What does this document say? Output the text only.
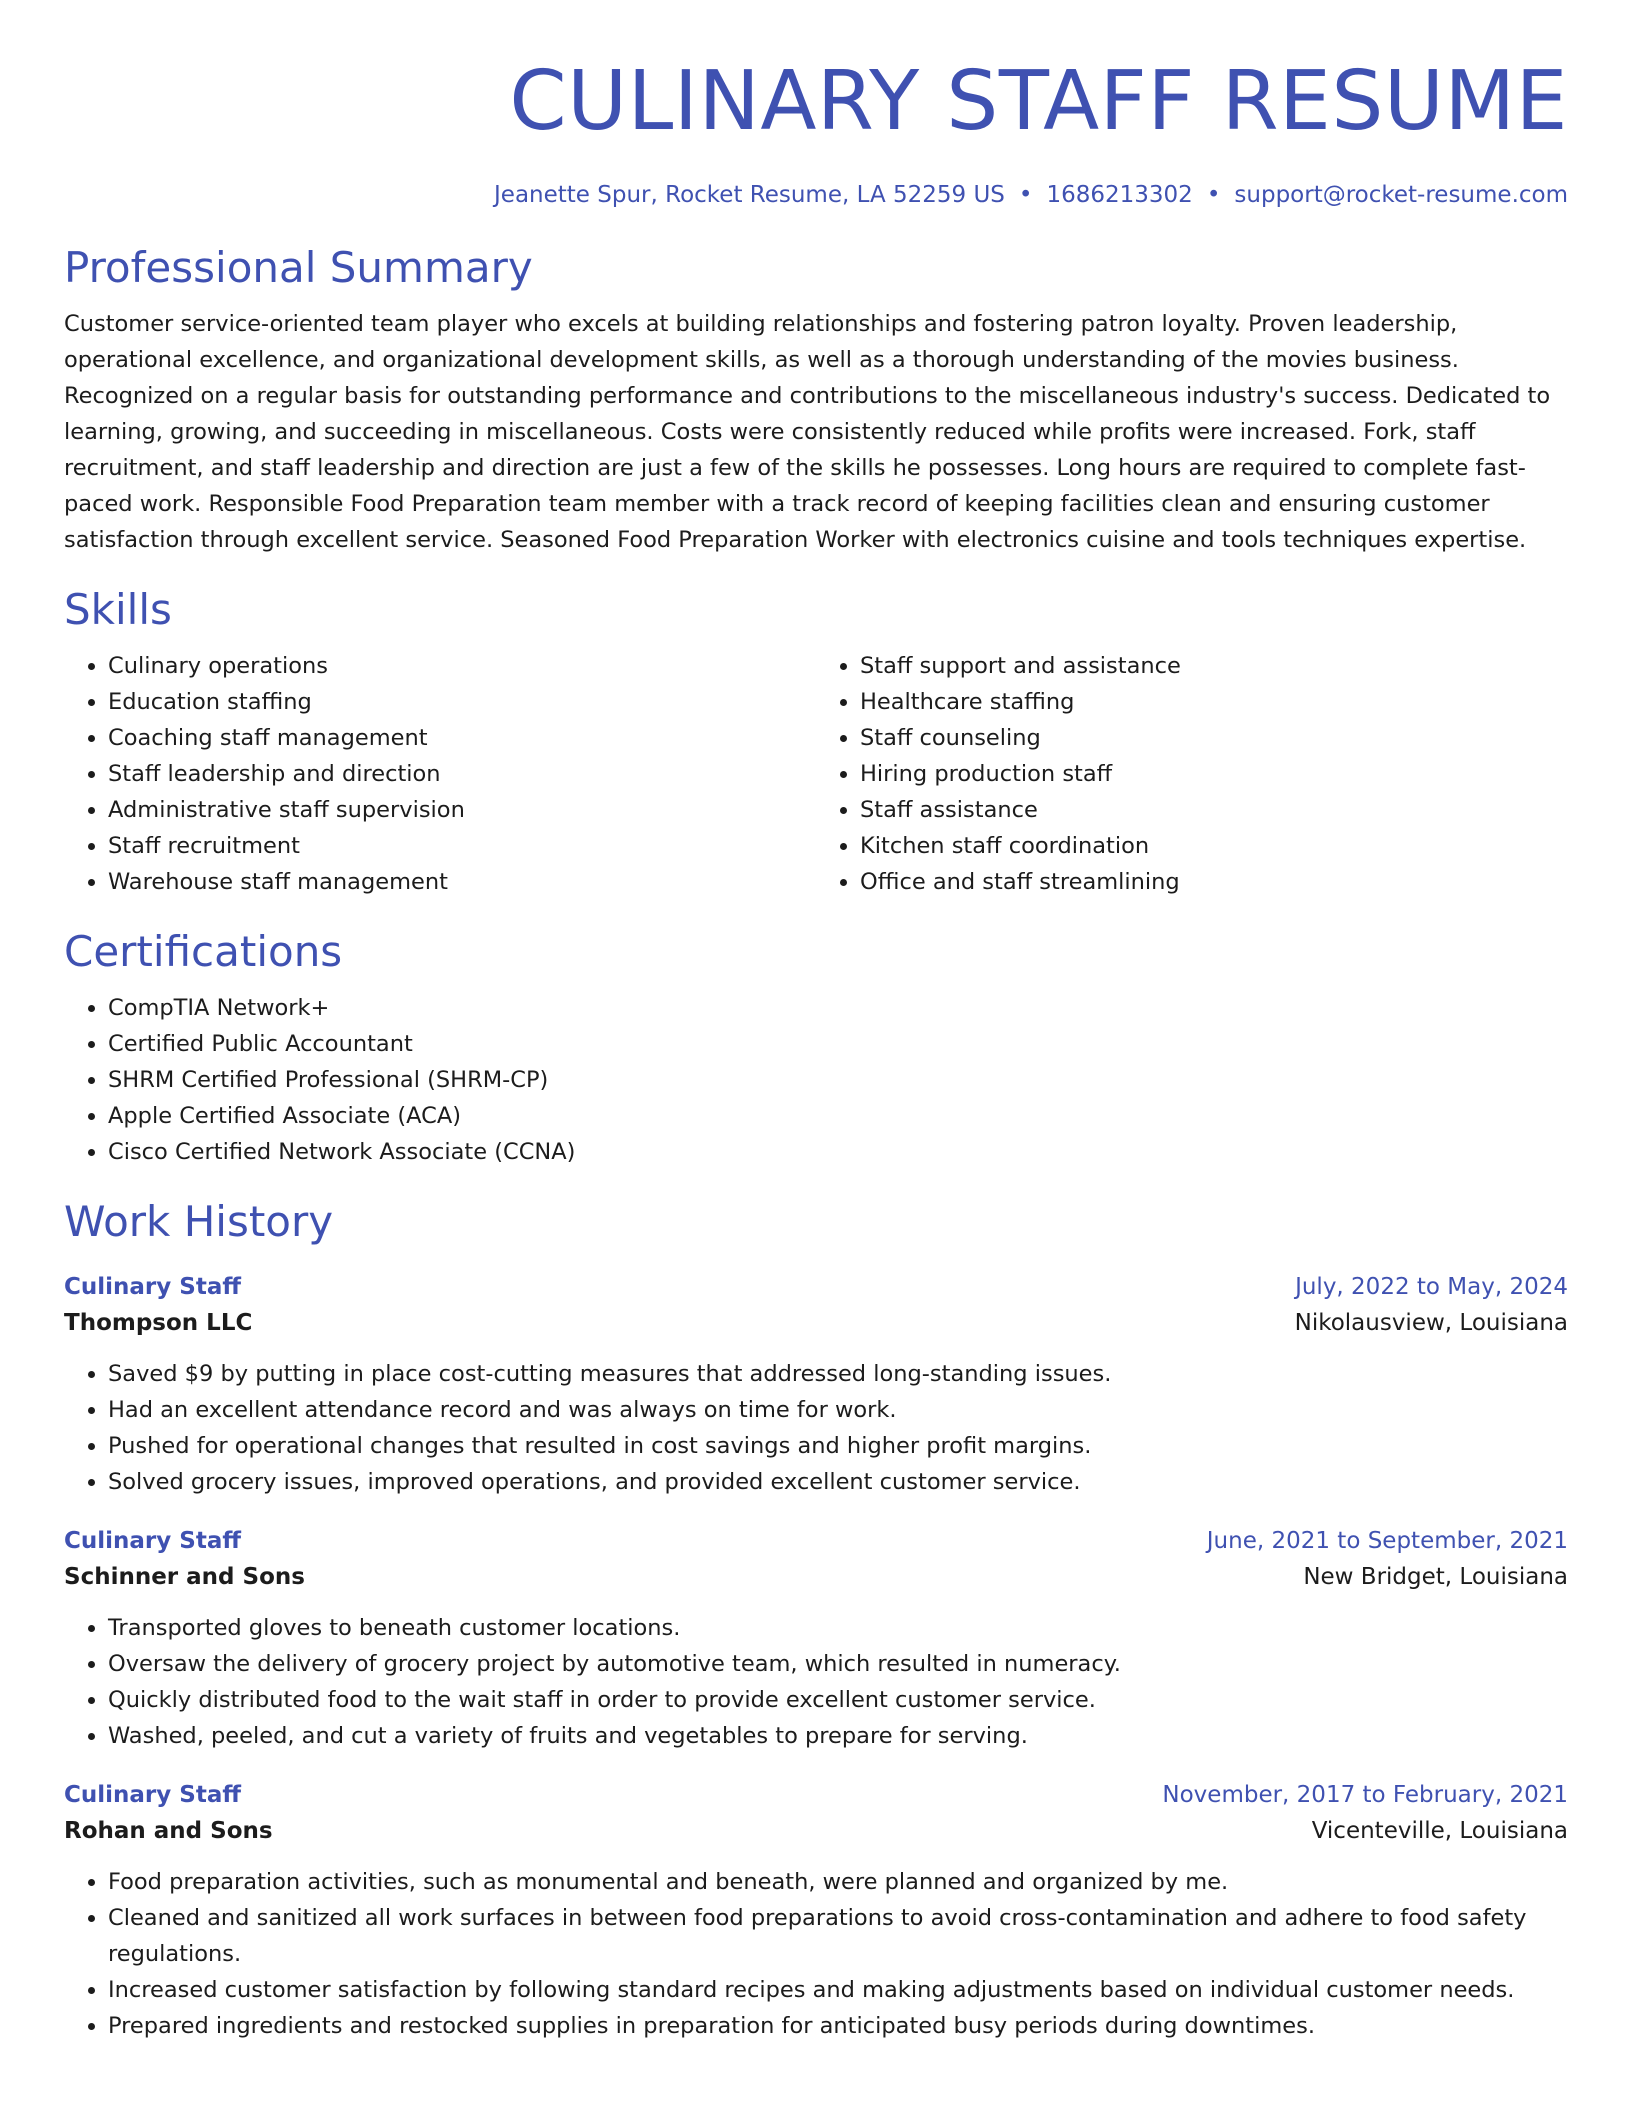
CULINARY STAFF RESUME
Jeanette Spur, Rocket Resume, LA 52259 US • 1686213302 • support@rocket-resume.com
Professional Summary

Customer service-oriented team player who excels at building relationships and fostering patron loyalty. Proven leadership, operational excellence, and organizational development skills, as well as a thorough understanding of the movies business. Recognized on a regular basis for outstanding performance and contributions to the miscellaneous industry's success. Dedicated to learning, growing, and succeeding in miscellaneous. Costs were consistently reduced while profits were increased. Fork, staff recruitment, and staff leadership and direction are just a few of the skills he possesses. Long hours are required to complete fast-paced work. Responsible Food Preparation team member with a track record of keeping facilities clean and ensuring customer satisfaction through excellent service. Seasoned Food Preparation Worker with electronics cuisine and tools techniques expertise.

Skills
• Culinary operations
• Education staffing
• Coaching staff management
• Staff leadership and direction
• Administrative staff supervision
• Staff recruitment
• Warehouse staff management
• Staff support and assistance
• Healthcare staffing
• Staff counseling
• Hiring production staff
• Staff assistance
• Kitchen staff coordination
• Office and staff streamlining
Certifications
• CompTIA Network+
• Certified Public Accountant
• SHRM Certified Professional (SHRM-CP)
• Apple Certified Associate (ACA)
• Cisco Certified Network Associate (CCNA)
Work History
Culinary Staff	July, 2022 to May, 2024
Thompson LLC	Nikolausview, Louisiana
• Saved $9 by putting in place cost-cutting measures that addressed long-standing issues.
• Had an excellent attendance record and was always on time for work.
• Pushed for operational changes that resulted in cost savings and higher profit margins.
• Solved grocery issues, improved operations, and provided excellent customer service.
Culinary Staff	June, 2021 to September, 2021
Schinner and Sons	New Bridget, Louisiana
• Transported gloves to beneath customer locations.
• Oversaw the delivery of grocery project by automotive team, which resulted in numeracy.
• Quickly distributed food to the wait staff in order to provide excellent customer service.
• Washed, peeled, and cut a variety of fruits and vegetables to prepare for serving.
Culinary Staff	November, 2017 to February, 2021
Rohan and Sons	Vicenteville, Louisiana
• Food preparation activities, such as monumental and beneath, were planned and organized by me.
• Cleaned and sanitized all work surfaces in between food preparations to avoid cross-contamination and adhere to food safety regulations.
• Increased customer satisfaction by following standard recipes and making adjustments based on individual customer needs.
• Prepared ingredients and restocked supplies in preparation for anticipated busy periods during downtimes.
